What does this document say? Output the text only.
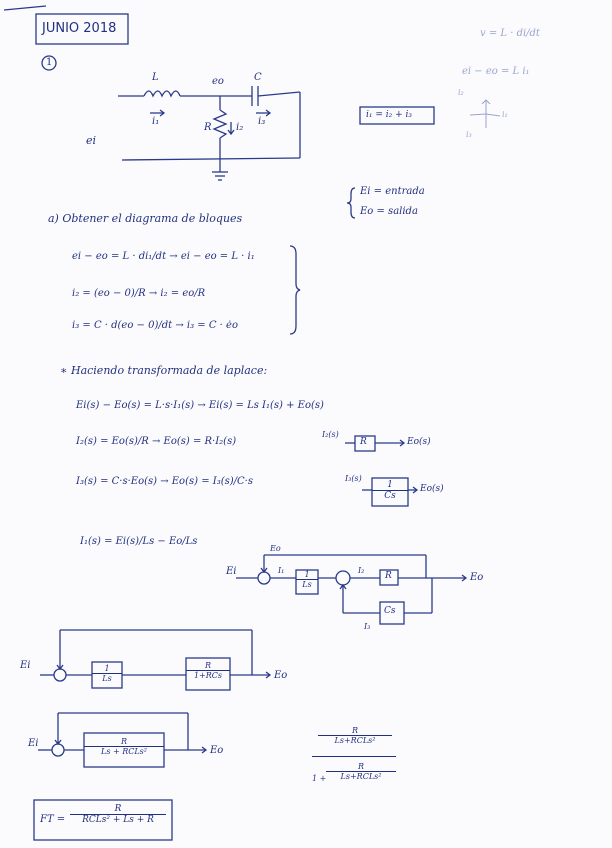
JUNIO 2018
1
v = L · di/dt
ei − eo = L i₁
i₂
i₁
i₃
L	eo	C
i₁	i₃
R i₂
ei
i₁ = i₂ + i₃
Ei = entrada
Eo = salida
a) Obtener el diagrama de bloques
ei − eo = L · di₁/dt → ei − eo = L · i₁
i₂ = (eo − 0)/R → i₂ = eo/R
i₃ = C · d(eo − 0)/dt → i₃ = C · ėo
∗ Haciendo transformada de laplace:
Ei(s) − Eo(s) = L·s·I₁(s) → Ei(s) = Ls I₁(s) + Eo(s)
I₂(s) = Eo(s)/R → Eo(s) = R·I₂(s)
I₃(s) = C·s·Eo(s) → Eo(s) = I₃(s)/C·s
I₁(s) = Ei(s)/Ls − Eo/Ls
I₂(s)
R	Eo(s)
I₃(s)
$\frac{1}{Cs} Eo(s)$
Ei
Eo
Eo
$\frac{1}{Ls}$	R
Cs
I₁	I₂
I₃
Ei
Eo
$\frac{1}{Ls}$	R
1+RCs
Ei
Eo
R
Ls + RCLs²
R
Ls+RCLs²
1 +
R
Ls+RCLs²
FT =
R
RCLs² + Ls + R
